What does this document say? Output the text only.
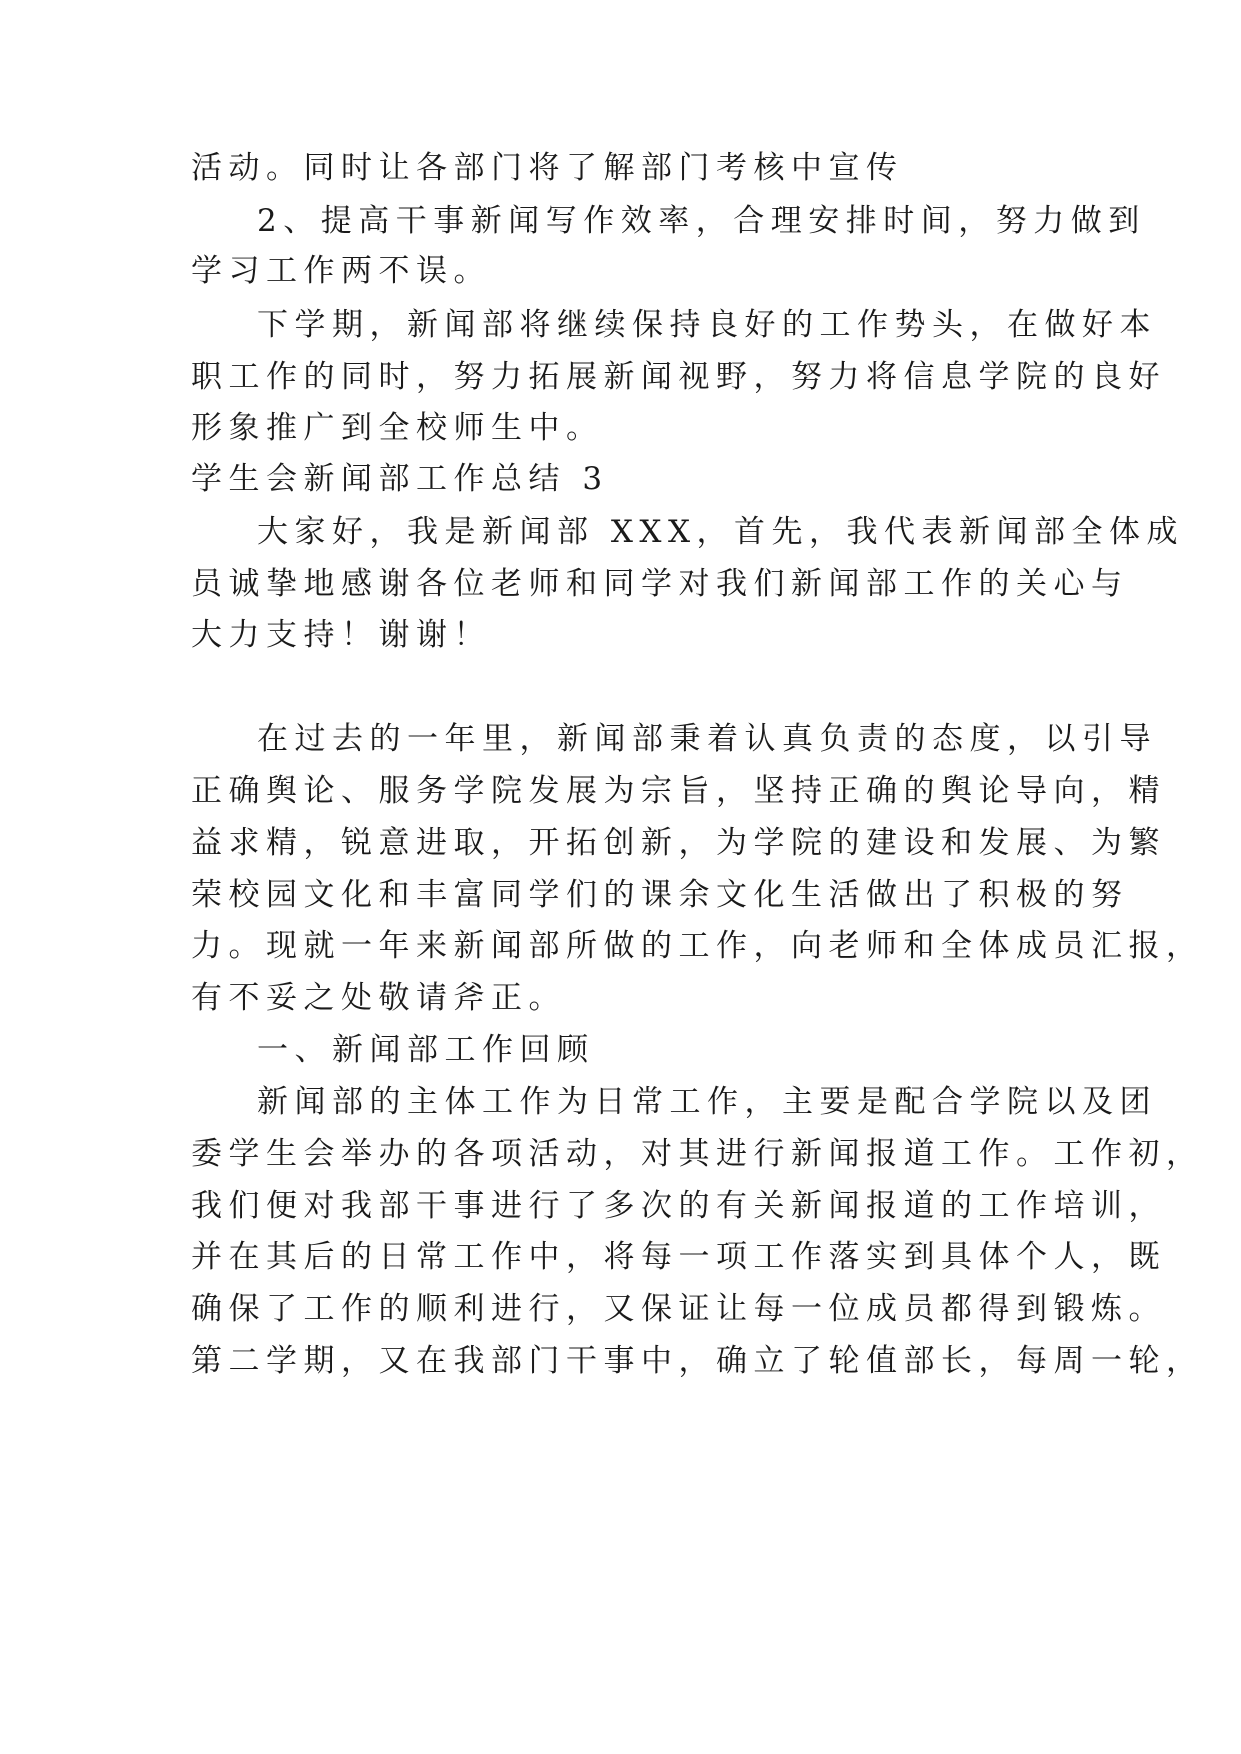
活动。同时让各部门将了解部门考核中宣传
2、提高干事新闻写作效率，合理安排时间，努力做到
学习工作两不误。
下学期，新闻部将继续保持良好的工作势头，在做好本
职工作的同时，努力拓展新闻视野，努力将信息学院的良好
形象推广到全校师生中。
学生会新闻部工作总结 3
大家好，我是新闻部 XXX，首先，我代表新闻部全体成
员诚挚地感谢各位老师和同学对我们新闻部工作的关心与
大力支持！谢谢！
在过去的一年里，新闻部秉着认真负责的态度，以引导
正确舆论、服务学院发展为宗旨，坚持正确的舆论导向，精
益求精，锐意进取，开拓创新，为学院的建设和发展、为繁
荣校园文化和丰富同学们的课余文化生活做出了积极的努
力。现就一年来新闻部所做的工作，向老师和全体成员汇报，
有不妥之处敬请斧正。
一、新闻部工作回顾
新闻部的主体工作为日常工作，主要是配合学院以及团
委学生会举办的各项活动，对其进行新闻报道工作。工作初，
我们便对我部干事进行了多次的有关新闻报道的工作培训，
并在其后的日常工作中，将每一项工作落实到具体个人，既
确保了工作的顺利进行，又保证让每一位成员都得到锻炼。
第二学期，又在我部门干事中，确立了轮值部长，每周一轮，
